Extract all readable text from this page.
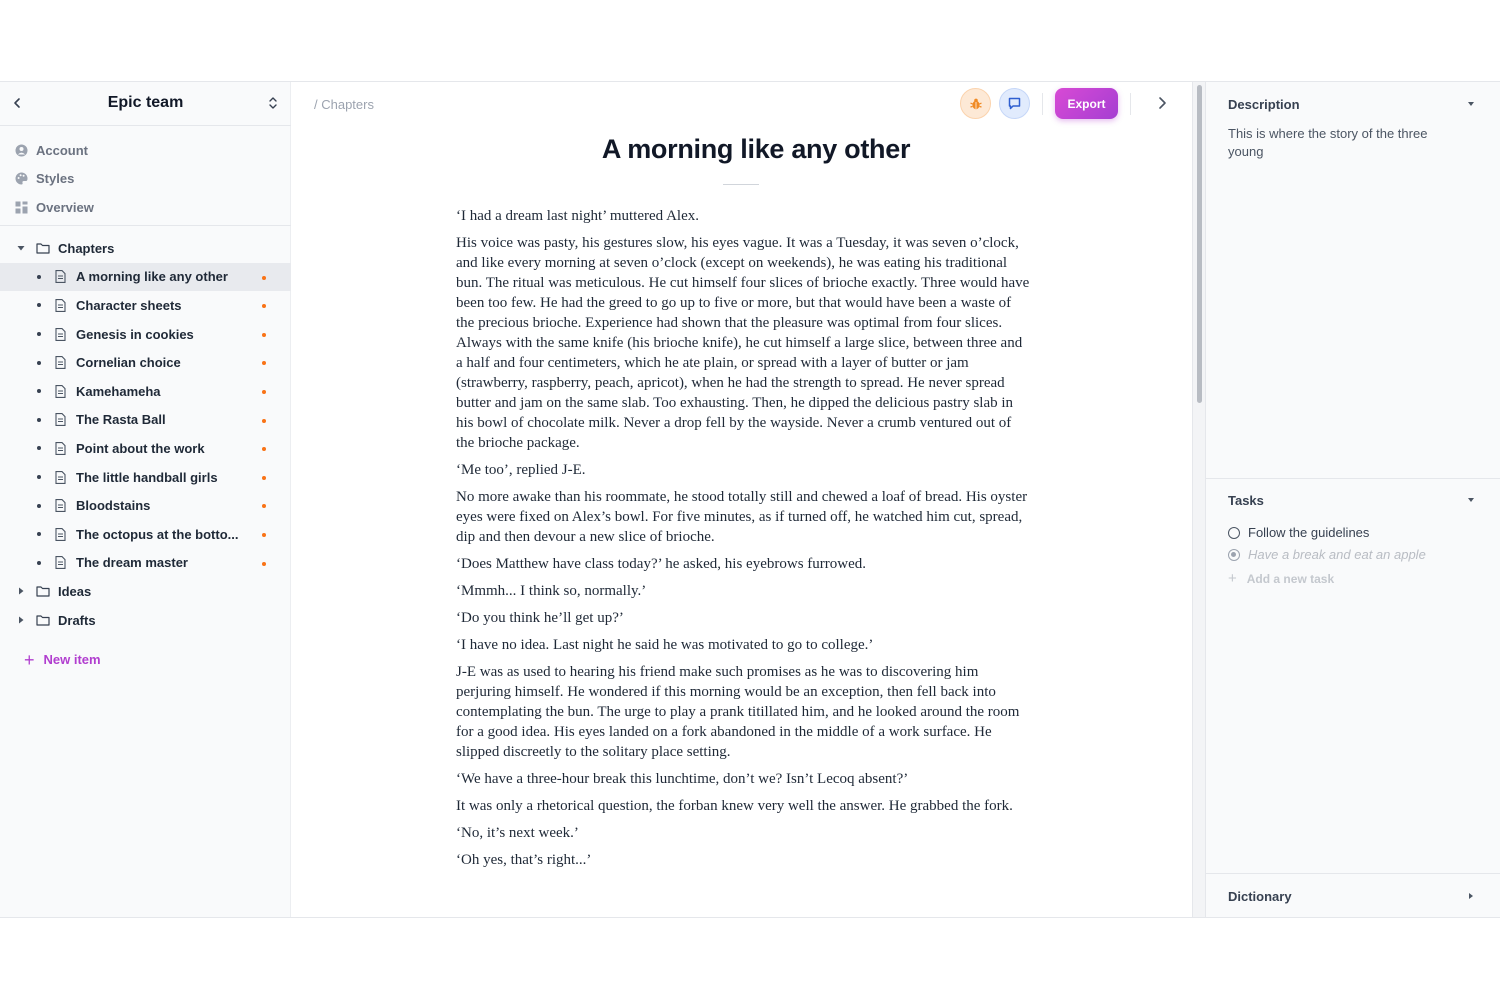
Epic team
Account
Styles
Overview
Chapters
A morning like any other
Character sheets
Genesis in cookies
Cornelian choice
Kamehameha
The Rasta Ball
Point about the work
The little handball girls
Bloodstains
The octopus at the botto...
The dream master
Ideas
Drafts
+ New item
/ Chapters	Export
A morning like any other

‘I had a dream last night’ muttered Alex.

His voice was pasty, his gestures slow, his eyes vague. It was a Tuesday, it was seven o’clock, and like every morning at seven o’clock (except on weekends), he was eating his traditional bun. The ritual was meticulous. He cut himself four slices of brioche exactly. Three would have been too few. He had the greed to go up to five or more, but that would have been a waste of the precious brioche. Experience had shown that the pleasure was optimal from four slices. Always with the same knife (his brioche knife), he cut himself a large slice, between three and a half and four centimeters, which he ate plain, or spread with a layer of butter or jam (strawberry, raspberry, peach, apricot), when he had the strength to spread. He never spread butter and jam on the same slab. Too exhausting. Then, he dipped the delicious pastry slab in his bowl of chocolate milk. Never a drop fell by the wayside. Never a crumb ventured out of the brioche package.

‘Me too’, replied J-E.

No more awake than his roommate, he stood totally still and chewed a loaf of bread. His oyster eyes were fixed on Alex’s bowl. For five minutes, as if turned off, he watched him cut, spread, dip and then devour a new slice of brioche.

‘Does Matthew have class today?’ he asked, his eyebrows furrowed.

‘Mmmh... I think so, normally.’

‘Do you think he’ll get up?’

‘I have no idea. Last night he said he was motivated to go to college.’

J-E was as used to hearing his friend make such promises as he was to discovering him perjuring himself. He wondered if this morning would be an exception, then fell back into contemplating the bun. The urge to play a prank titillated him, and he looked around the room for a good idea. His eyes landed on a fork abandoned in the middle of a work surface. He slipped discreetly to the solitary place setting.

‘We have a three-hour break this lunchtime, don’t we? Isn’t Lecoq absent?’

It was only a rhetorical question, the forban knew very well the answer. He grabbed the fork.

‘No, it’s next week.’

‘Oh yes, that’s right...’

Description
This is where the story of the three young
Tasks
Follow the guidelines
Have a break and eat an apple
+ Add a new task
Dictionary
